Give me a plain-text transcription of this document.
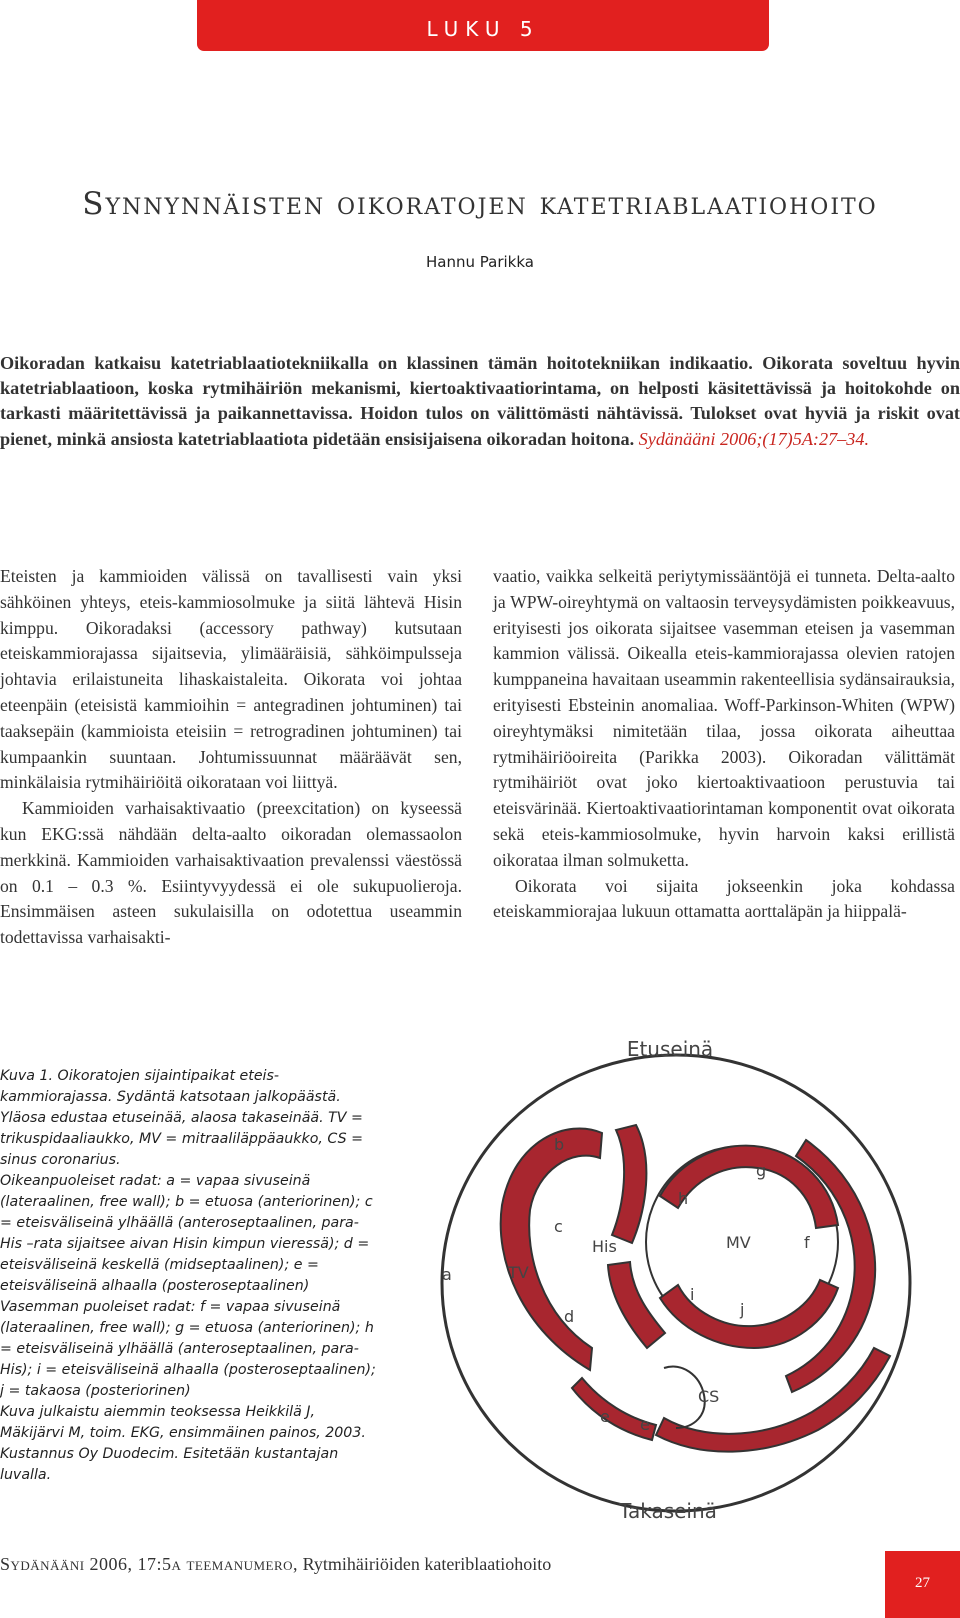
LUKU 5
Synnynnäisten oikoratojen katetriablaatiohoito
Hannu Parikka

Oikoradan katkaisu katetriablaatiotekniikalla on klassinen tämän hoitotekniikan indikaatio. Oikorata soveltuu hyvin katetriablaatioon, koska rytmihäiriön mekanismi, kiertoaktivaatiorintama, on helposti käsitettävissä ja hoitokohde on tarkasti määritettävissä ja paikannettavissa. Hoidon tulos on välittömästi nähtävissä. Tulokset ovat hyviä ja riskit ovat pienet, minkä ansiosta katetriablaatiota pidetään ensisijaisena oikoradan hoitona. Sydänääni 2006;(17)5A:27–34.

Eteisten ja kammioiden välissä on tavallisesti vain yksi sähköinen yhteys, eteis-kammiosolmuke ja siitä lähtevä Hisin kimppu. Oikoradaksi (accessory pathway) kutsutaan eteiskammiorajassa sijaitsevia, ylimääräisiä, sähköimpulsseja johtavia erilaistuneita lihaskaistaleita. Oikorata voi johtaa eteenpäin (eteisistä kammioihin = antegradinen johtuminen) tai taaksepäin (kammioista eteisiin = retrogradinen johtuminen) tai kumpaankin suuntaan. Johtumissuunnat määräävät sen, minkälaisia rytmihäiriöitä oikorataan voi liittyä.

Kammioiden varhaisaktivaatio (preexcitation) on kyseessä kun EKG:ssä nähdään delta-aalto oikoradan olemassaolon merkkinä. Kammioiden varhaisaktivaation prevalenssi väestössä on 0.1 – 0.3 %. Esiintyvyydessä ei ole sukupuolieroja. Ensimmäisen asteen sukulaisilla on odotettua useammin todettavissa varhaisakti-

vaatio, vaikka selkeitä periytymissääntöjä ei tunneta. Delta-aalto ja WPW-oireyhtymä on valtaosin terveysydämisten poikkeavuus, erityisesti jos oikorata sijaitsee vasemman eteisen ja vasemman kammion välissä. Oikealla eteis-kammiorajassa olevien ratojen kumppaneina havaitaan useammin rakenteellisia sydänsairauksia, erityisesti Ebsteinin anomaliaa. Woff-Parkinson-Whiten (WPW) oireyhtymäksi nimitetään tilaa, jossa oikorata aiheuttaa rytmihäiriöoireita (Parikka 2003). Oikoradan välittämät rytmihäiriöt ovat joko kiertoaktivaatioon perustuvia tai eteisvärinää. Kiertoaktivaatiorintaman komponentit ovat oikorata sekä eteis-kammiosolmuke, hyvin harvoin kaksi erillistä oikorataa ilman solmuketta.

Oikorata voi sijaita jokseenkin joka kohdassa eteiskammiorajaa lukuun ottamatta aorttaläpän ja hiippalä-

Kuva 1. Oikoratojen sijaintipaikat eteis-kammiorajassa. Sydäntä katsotaan jalkopäästä. Yläosa edustaa etuseinää, alaosa takaseinää. TV = trikuspidaaliaukko, MV = mitraaliläppäaukko, CS = sinus coronarius.

Oikeanpuoleiset radat: a = vapaa sivuseinä (lateraalinen, free wall); b = etuosa (anteriorinen); c = eteisväliseinä ylhäällä (anteroseptaalinen, para-His –rata sijaitsee aivan Hisin kimpun vieressä); d = eteisväliseinä keskellä (midseptaalinen); e = eteisväliseinä alhaalla (posteroseptaalinen)

Vasemman puoleiset radat: f = vapaa sivuseinä (lateraalinen, free wall); g = etuosa (anteriorinen); h = eteisväliseinä ylhäällä (anteroseptaalinen, para-His); i = eteisväliseinä alhaalla (posteroseptaalinen); j = takaosa (posteriorinen)

Kuva julkaistu aiemmin teoksessa Heikkilä J, Mäkijärvi M, toim. EKG, ensimmäinen painos, 2003. Kustannus Oy Duodecim. Esitetään kustantajan luvalla.

Etuseinä
Takaseinä
a
b
c
d
e e
h
g
f
i
j
TV
MV
His
CS
Sydänääni 2006, 17:5a teemanumero, Rytmihäiriöiden kateriblaatiohoito
27
